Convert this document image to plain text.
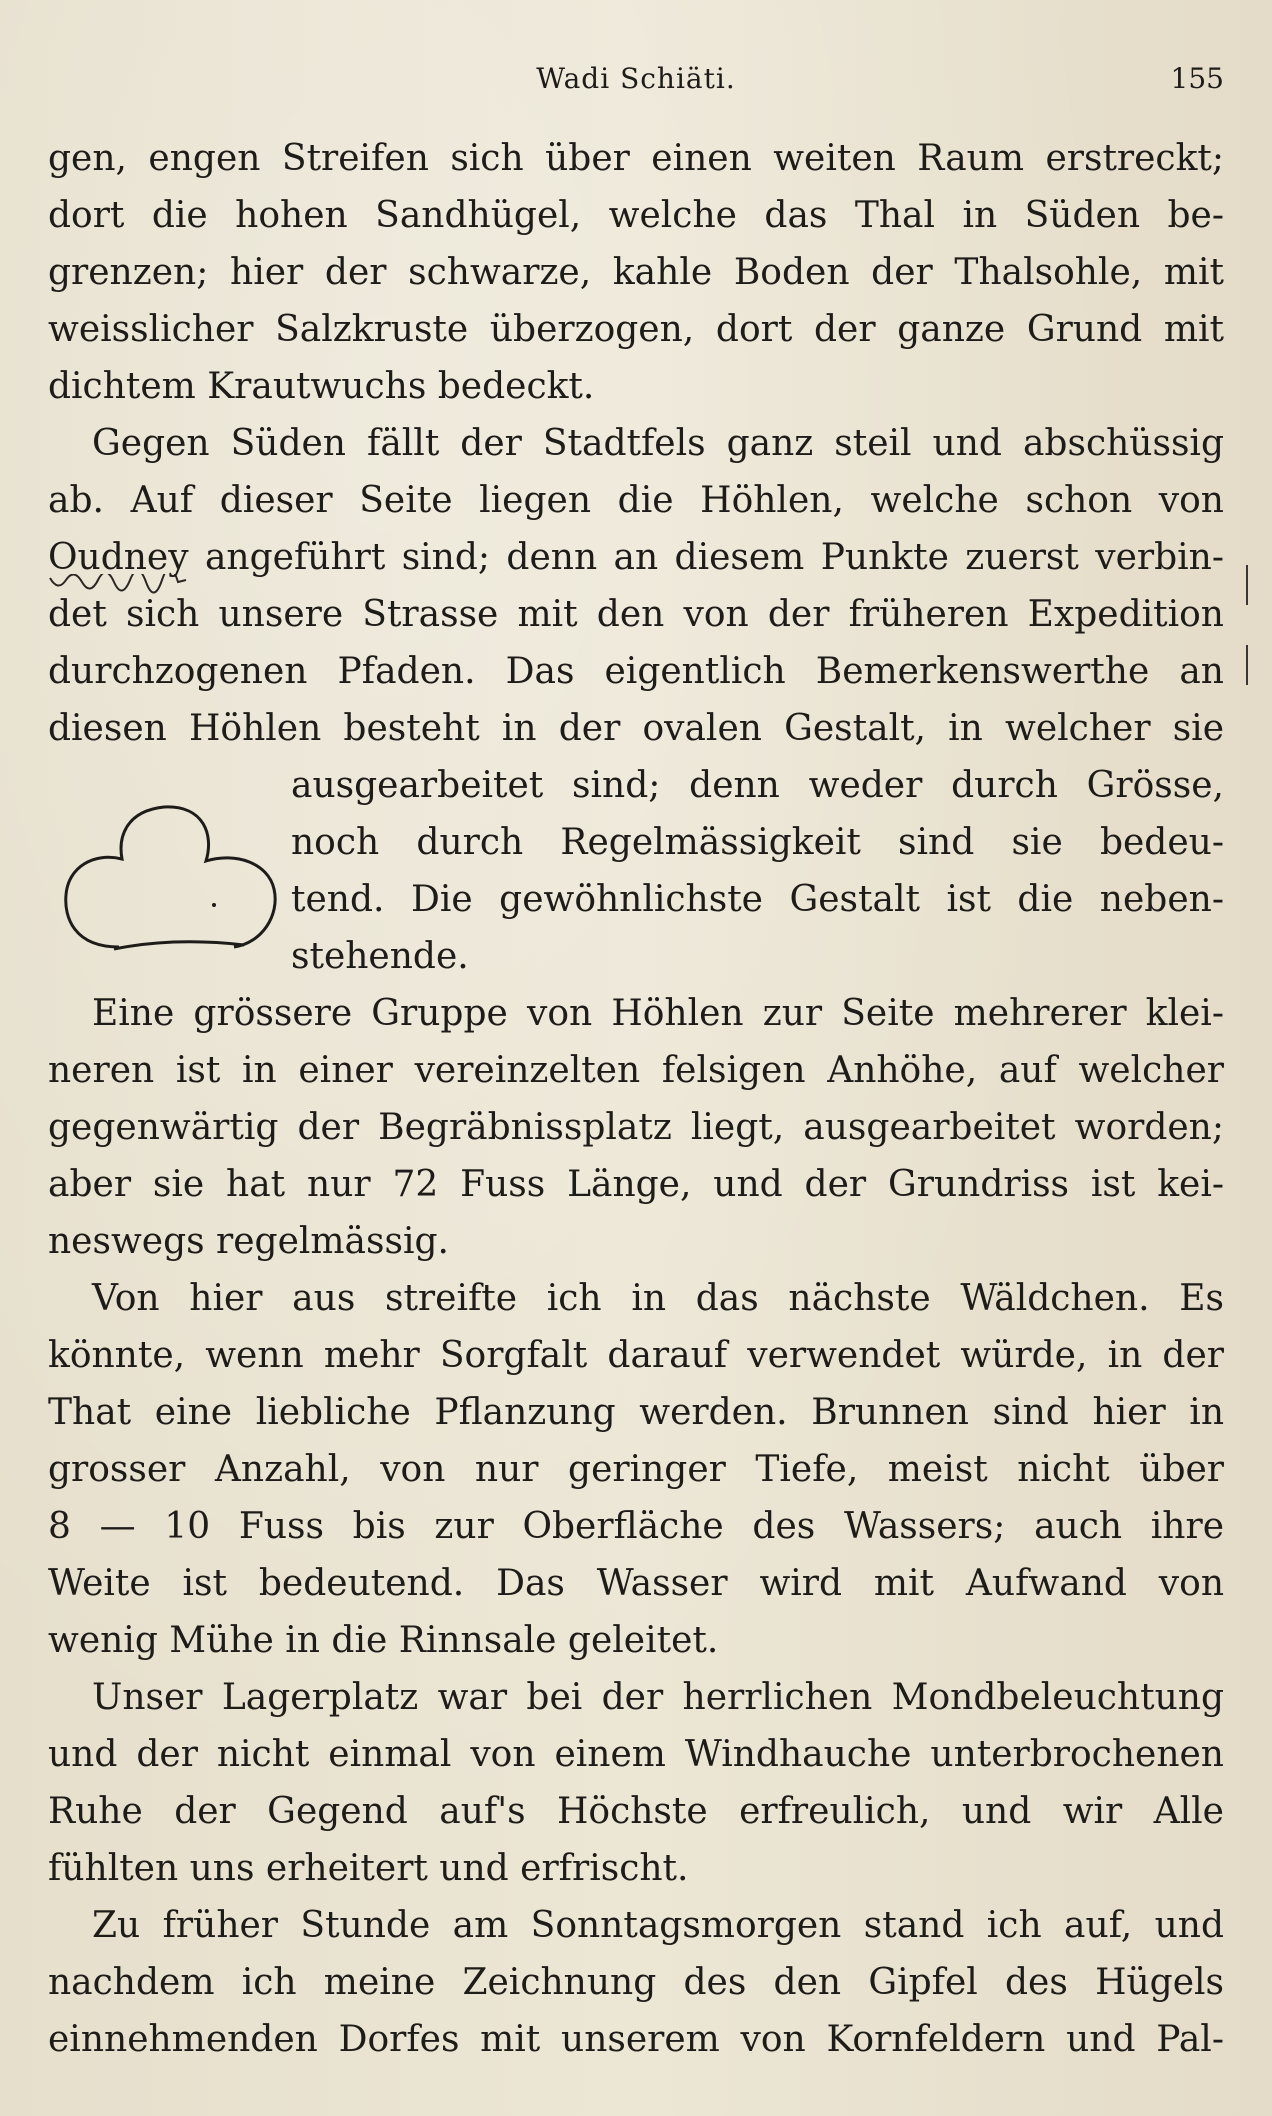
Wadi Schiäti.	155
gen, engen Streifen sich über einen weiten Raum erstreckt;
dort die hohen Sandhügel, welche das Thal in Süden be-
grenzen; hier der schwarze, kahle Boden der Thalsohle, mit
weisslicher Salzkruste überzogen, dort der ganze Grund mit
dichtem Krautwuchs bedeckt.
Gegen Süden fällt der Stadtfels ganz steil und abschüssig
ab. Auf dieser Seite liegen die Höhlen, welche schon von
Oudney angeführt sind; denn an diesem Punkte zuerst verbin-
det sich unsere Strasse mit den von der früheren Expedition
durchzogenen Pfaden. Das eigentlich Bemerkenswerthe an
diesen Höhlen besteht in der ovalen Gestalt, in welcher sie
ausgearbeitet sind; denn weder durch Grösse,
noch durch Regelmässigkeit sind sie bedeu-
tend. Die gewöhnlichste Gestalt ist die neben-
stehende.
Eine grössere Gruppe von Höhlen zur Seite mehrerer klei-
neren ist in einer vereinzelten felsigen Anhöhe, auf welcher
gegenwärtig der Begräbnissplatz liegt, ausgearbeitet worden;
aber sie hat nur 72 Fuss Länge, und der Grundriss ist kei-
neswegs regelmässig.
Von hier aus streifte ich in das nächste Wäldchen. Es
könnte, wenn mehr Sorgfalt darauf verwendet würde, in der
That eine liebliche Pflanzung werden. Brunnen sind hier in
grosser Anzahl, von nur geringer Tiefe, meist nicht über
8 — 10 Fuss bis zur Oberfläche des Wassers; auch ihre
Weite ist bedeutend. Das Wasser wird mit Aufwand von
wenig Mühe in die Rinnsale geleitet.
Unser Lagerplatz war bei der herrlichen Mondbeleuchtung
und der nicht einmal von einem Windhauche unterbrochenen
Ruhe der Gegend auf's Höchste erfreulich, und wir Alle
fühlten uns erheitert und erfrischt.
Zu früher Stunde am Sonntagsmorgen stand ich auf, und
nachdem ich meine Zeichnung des den Gipfel des Hügels
einnehmenden Dorfes mit unserem von Kornfeldern und Pal-
